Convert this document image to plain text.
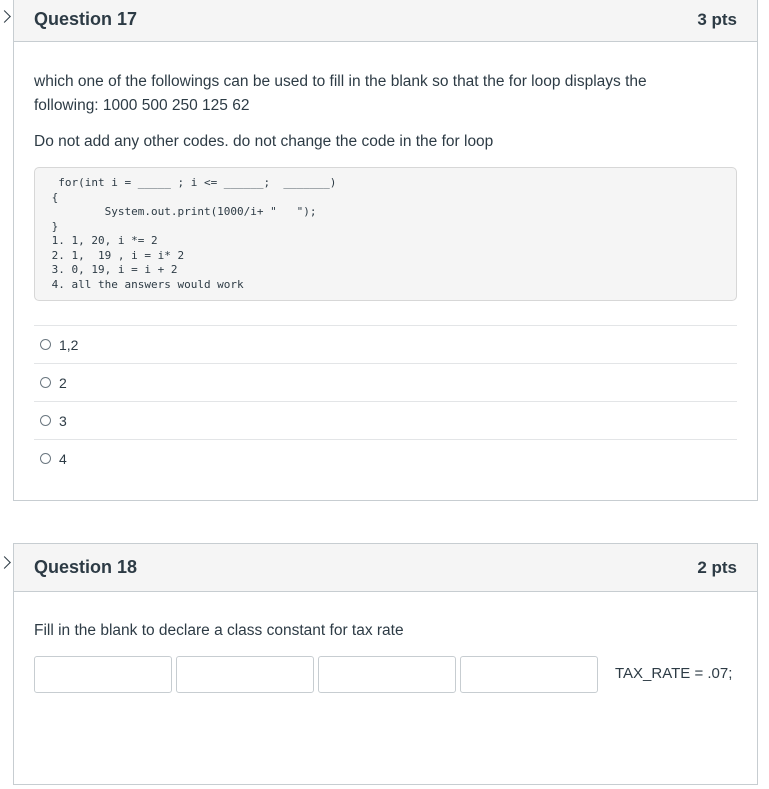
Question 17	3 pts
which one of the followings can be used to fill in the blank so that the for loop displays the following: 1000 500 250 125 62
Do not add any other codes. do not change the code in the for loop
for(int i = _____ ; i <= ______;  _______)
{
System.out.print(1000/i+ "   ");
}
1. 1, 20, i *= 2
2. 1,  19 , i = i* 2
3. 0, 19, i = i + 2
4. all the answers would work
1,2
2
3
4
Question 18	2 pts
Fill in the blank to declare a class constant for tax rate
TAX_RATE = .07;
